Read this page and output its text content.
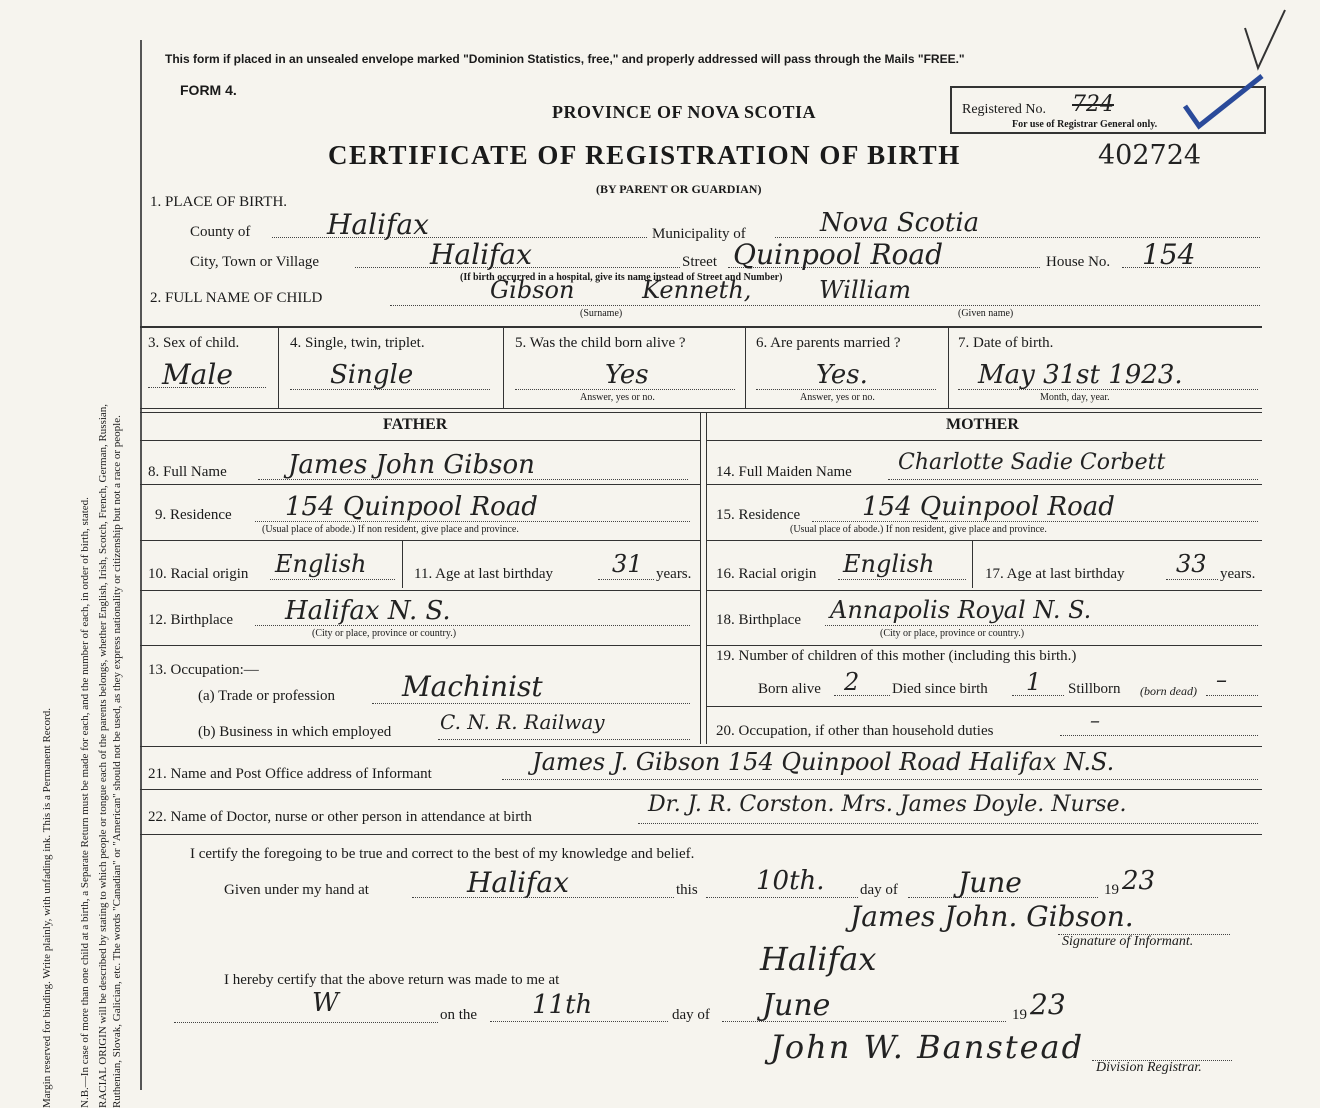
Margin reserved for binding. Write plainly, with unfading ink. This is a Permanent Record. N.B.—In case of more than one child at a birth, a Separate Return must be made for each, and the number of each, in order of birth, stated. RACIAL ORIGIN will be described by stating to which people or tongue each of the parents belongs, whether English, Irish, Scotch, French, German, Russian, Ruthenian, Slovak, Galician, etc. The words "Canadian" or "American" should not be used, as they express nationality or citizenship but not a race or people.

This form if placed in an unsealed envelope marked "Dominion Statistics, free," and properly addressed will pass through the Mails "FREE."
FORM 4.
PROVINCE OF NOVA SCOTIA
CERTIFICATE OF REGISTRATION OF BIRTH	402724
(BY PARENT OR GUARDIAN)
Registered No. 724
For use of Registrar General only.
1. PLACE OF BIRTH.
County of	Halifax	Municipality of	Nova Scotia
City, Town or Village	Halifax	Street Quinpool Road
(If birth occurred in a hospital, give its name instead of Street and Number)
House No.	154
2. FULL NAME OF CHILD	Gibson	Kenneth, William
(Surname)	(Given name)
3. Sex of child.
Male
4. Single, twin, triplet.
Single
5. Was the child born alive ?
Yes
Answer, yes or no.
6. Are parents married ?
Yes.
Answer, yes or no.
7. Date of birth.
May 31st 1923.
Month, day, year.
FATHER	MOTHER
8. Full Name	James John Gibson
9. Residence	154 Quinpool Road
(Usual place of abode.) If non resident, give place and province.
10. Racial origin English	11. Age at last birthday	31 years.
12. Birthplace	Halifax N. S.
(City or place, province or country.)
13. Occupation:—
(a) Trade or profession	Machinist
(b) Business in which employed C. N. R. Railway
14. Full Maiden Name	Charlotte Sadie Corbett
15. Residence	154 Quinpool Road
(Usual place of abode.) If non resident, give place and province.
16. Racial origin English	17. Age at last birthday	33 years.
18. Birthplace Annapolis Royal N. S.
(City or place, province or country.)
19. Number of children of this mother (including this birth.)
Born alive 2	Died since birth	1	Stillborn (born dead) –
20. Occupation, if other than household duties	–
21. Name and Post Office address of Informant	James J. Gibson 154 Quinpool Road Halifax N.S.
22. Name of Doctor, nurse or other person in attendance at birth	Dr. J. R. Corston. Mrs. James Doyle. Nurse.
I certify the foregoing to be true and correct to the best of my knowledge and belief.
Given under my hand at	Halifax	this	10th.	day of	June	19 23
James John. Gibson.
Signature of Informant.
I hereby certify that the above return was made to me at
Halifax
W	on the	11th	day of	June	19 23
John W. Banstead
Division Registrar.
